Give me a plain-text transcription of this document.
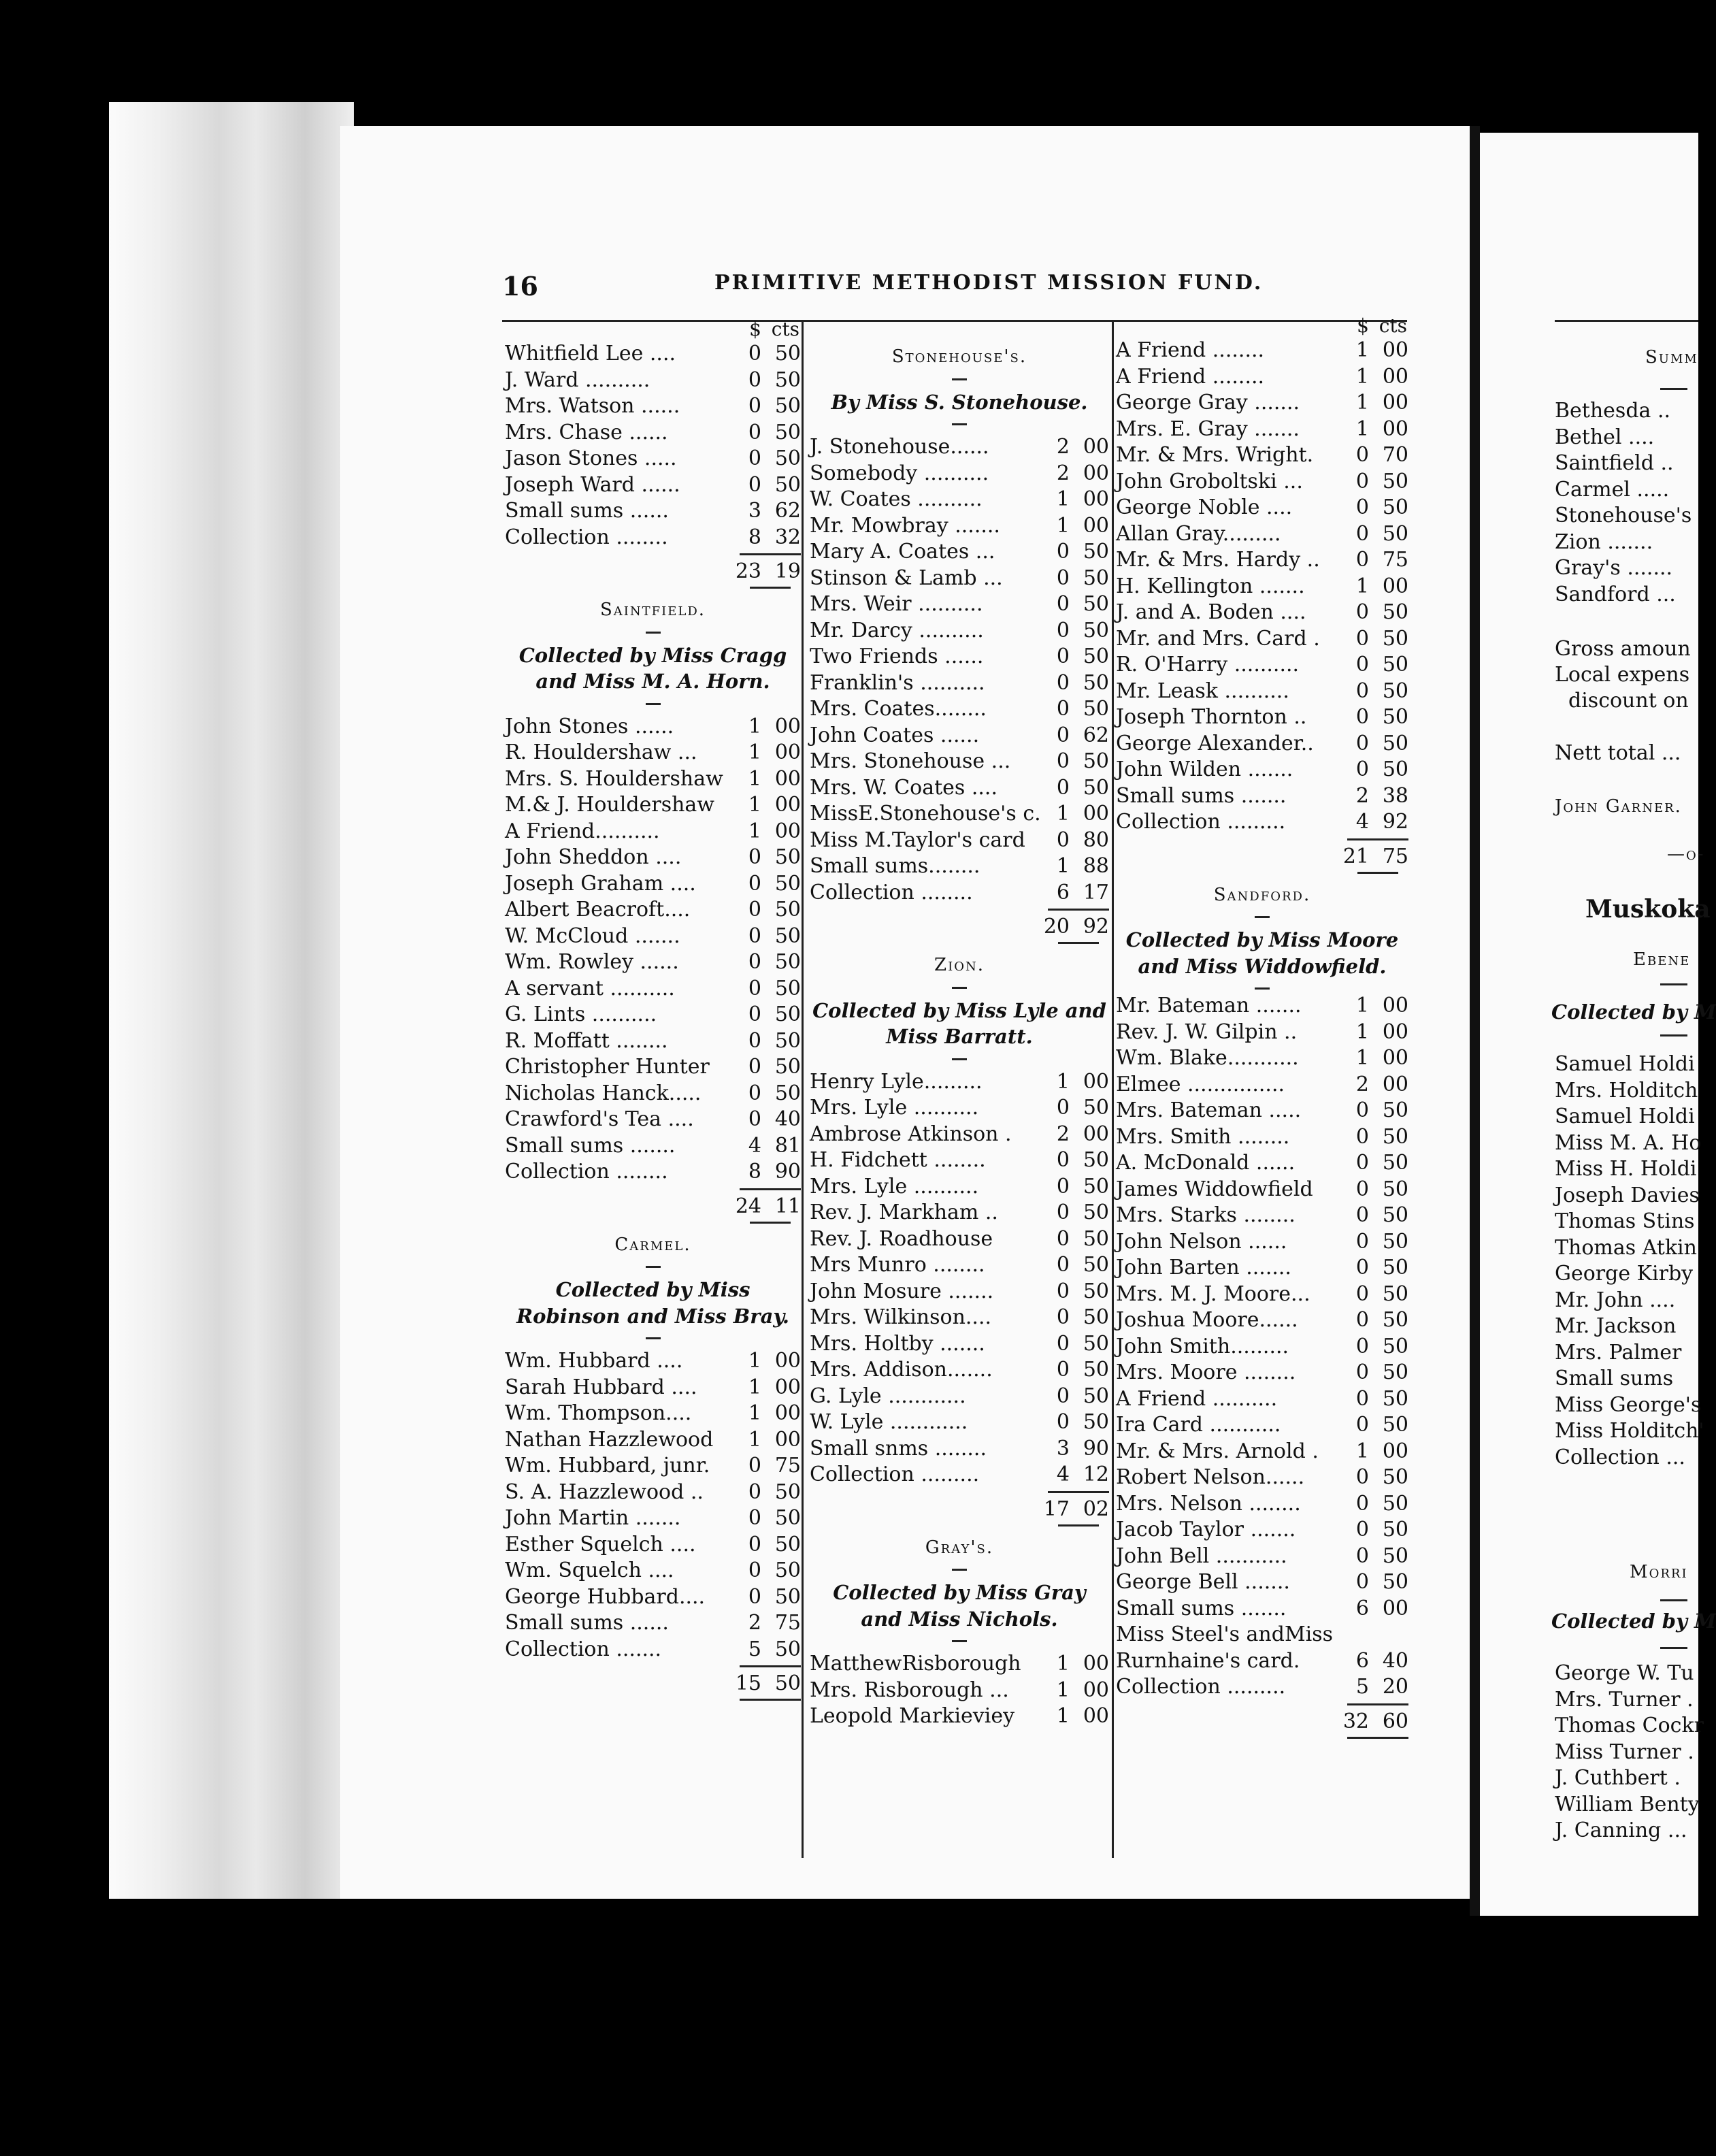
16	PRIMITIVE METHODIST MISSION FUND.
$ cts
Whitfield Lee ....	0 50
J. Ward ..........	0 50
Mrs. Watson ......	0 50
Mrs. Chase ......	0 50
Jason Stones .....	0 50
Joseph Ward ......	0 50
Small sums ......	3 62
Collection ........	8 32
23 19
Saintfield.
Collected by Miss Cragg and Miss M. A. Horn.
John Stones ......	1 00
R. Houldershaw ...	1 00
Mrs. S. Houldershaw 1 00
M.& J. Houldershaw 1 00
A Friend..........	1 00
John Sheddon ....	0 50
Joseph Graham ....	0 50
Albert Beacroft....	0 50
W. McCloud .......	0 50
Wm. Rowley ......	0 50
A servant ..........	0 50
G. Lints ..........	0 50
R. Moffatt ........	0 50
Christopher Hunter 0 50
Nicholas Hanck..... 0 50
Crawford's Tea ....	0 40
Small sums .......	4 81
Collection ........	8 90
24 11
Carmel.
Collected by Miss Robinson and Miss Bray.
Wm. Hubbard ....	1 00
Sarah Hubbard ....	1 00
Wm. Thompson....	1 00
Nathan Hazzlewood 1 00
Wm. Hubbard, junr. 0 75
S. A. Hazzlewood .. 0 50
John Martin .......	0 50
Esther Squelch ....	0 50
Wm. Squelch ....	0 50
George Hubbard.... 0 50
Small sums ......	2 75
Collection .......	5 50
15 50
Stonehouse's.
By Miss S. Stonehouse.
J. Stonehouse......	2 00
Somebody ..........	2 00
W. Coates ..........	1 00
Mr. Mowbray .......	1 00
Mary A. Coates ...	0 50
Stinson & Lamb ...	0 50
Mrs. Weir ..........	0 50
Mr. Darcy ..........	0 50
Two Friends ......	0 50
Franklin's ..........	0 50
Mrs. Coates........	0 50
John Coates ......	0 62
Mrs. Stonehouse ... 0 50
Mrs. W. Coates ....	0 50
MissE.Stonehouse's c. 1 00
Miss M.Taylor's card 0 80
Small sums........	1 88
Collection ........	6 17
20 92
Zion.
Collected by Miss Lyle and Miss Barratt.
Henry Lyle.........	1 00
Mrs. Lyle ..........	0 50
Ambrose Atkinson . 2 00
H. Fidchett ........	0 50
Mrs. Lyle ..........	0 50
Rev. J. Markham ..	0 50
Rev. J. Roadhouse	0 50
Mrs Munro ........	0 50
John Mosure .......	0 50
Mrs. Wilkinson....	0 50
Mrs. Holtby .......	0 50
Mrs. Addison.......	0 50
G. Lyle ............	0 50
W. Lyle ............	0 50
Small snms ........	3 90
Collection .........	4 12
17 02
Gray's.
Collected by Miss Gray and Miss Nichols.
MatthewRisborough 1 00
Mrs. Risborough ... 1 00
Leopold Markieviey 1 00
$ cts
A Friend ........	1 00
A Friend ........	1 00
George Gray .......	1 00
Mrs. E. Gray .......	1 00
Mr. & Mrs. Wright. 0 70
John Groboltski ...	0 50
George Noble ....	0 50
Allan Gray.........	0 50
Mr. & Mrs. Hardy .. 0 75
H. Kellington .......	1 00
J. and A. Boden .... 0 50
Mr. and Mrs. Card . 0 50
R. O'Harry ..........	0 50
Mr. Leask ..........	0 50
Joseph Thornton .. 0 50
George Alexander.. 0 50
John Wilden .......	0 50
Small sums .......	2 38
Collection .........	4 92
21 75
Sandford.
Collected by Miss Moore and Miss Widdowfield.
Mr. Bateman .......	1 00
Rev. J. W. Gilpin ..	1 00
Wm. Blake...........	1 00
Elmee ...............	2 00
Mrs. Bateman .....	0 50
Mrs. Smith ........	0 50
A. McDonald ......	0 50
James Widdowfield 0 50
Mrs. Starks ........	0 50
John Nelson ......	0 50
John Barten .......	0 50
Mrs. M. J. Moore... 0 50
Joshua Moore......	0 50
John Smith.........	0 50
Mrs. Moore ........	0 50
A Friend ..........	0 50
Ira Card ...........	0 50
Mr. & Mrs. Arnold . 1 00
Robert Nelson......	0 50
Mrs. Nelson ........	0 50
Jacob Taylor .......	0 50
John Bell ...........	0 50
George Bell .......	0 50
Small sums .......	6 00
Miss Steel's andMiss
Rurnhaine's card.	6 40
Collection .........	5 20
32 60
Summ
Bethesda ..
Bethel ....
Saintfield ..
Carmel .....
Stonehouse's
Zion .......
Gray's .......
Sandford ...
Gross amoun
Local expens
discount on
Nett total ...
John Garner.
—o-
Muskoka
Ebene
Collected by M
Samuel Holdi
Mrs. Holditch
Samuel Holdi
Miss M. A. Ho
Miss H. Holdi
Joseph Davies
Thomas Stins
Thomas Atkin
George Kirby
Mr. John ....
Mr. Jackson
Mrs. Palmer
Small sums
Miss George's
Miss Holditch'
Collection ...
Morri
Collected by M
George W. Tu
Mrs. Turner .
Thomas Cockr
Miss Turner .
J. Cuthbert .
William Benty
J. Canning ...
